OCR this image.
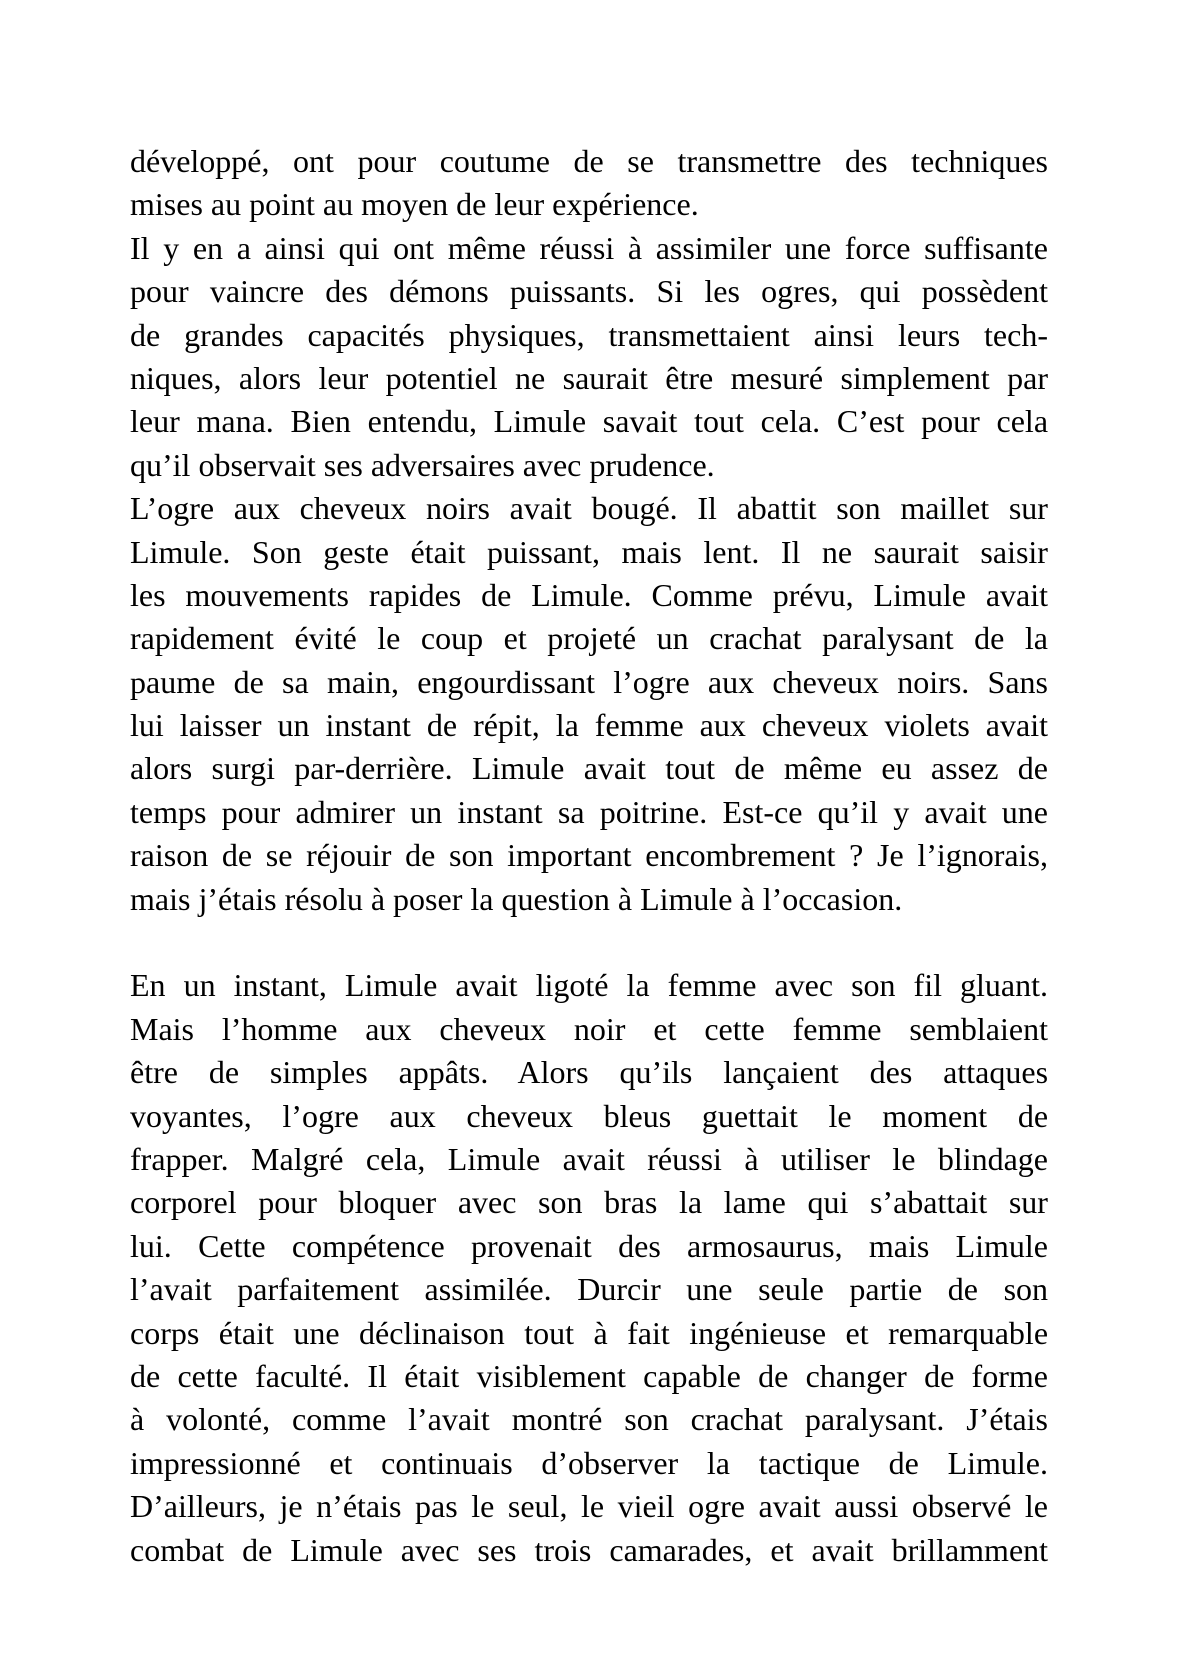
développé, ont pour coutume de se transmettre des techniques
mises au point au moyen de leur expérience.
Il y en a ainsi qui ont même réussi à assimiler une force suffisante
pour vaincre des démons puissants. Si les ogres, qui possèdent
de grandes capacités physiques, transmettaient ainsi leurs tech-
niques, alors leur potentiel ne saurait être mesuré simplement par
leur mana. Bien entendu, Limule savait tout cela. C’est pour cela
qu’il observait ses adversaires avec prudence.
L’ogre aux cheveux noirs avait bougé. Il abattit son maillet sur
Limule. Son geste était puissant, mais lent. Il ne saurait saisir
les mouvements rapides de Limule. Comme prévu, Limule avait
rapidement évité le coup et projeté un crachat paralysant de la
paume de sa main, engourdissant l’ogre aux cheveux noirs. Sans
lui laisser un instant de répit, la femme aux cheveux violets avait
alors surgi par-derrière. Limule avait tout de même eu assez de
temps pour admirer un instant sa poitrine. Est-ce qu’il y avait une
raison de se réjouir de son important encombrement ? Je l’ignorais,
mais j’étais résolu à poser la question à Limule à l’occasion.
En un instant, Limule avait ligoté la femme avec son fil gluant.
Mais l’homme aux cheveux noir et cette femme semblaient
être de simples appâts. Alors qu’ils lançaient des attaques
voyantes, l’ogre aux cheveux bleus guettait le moment de
frapper. Malgré cela, Limule avait réussi à utiliser le blindage
corporel pour bloquer avec son bras la lame qui s’abattait sur
lui. Cette compétence provenait des armosaurus, mais Limule
l’avait parfaitement assimilée. Durcir une seule partie de son
corps était une déclinaison tout à fait ingénieuse et remarquable
de cette faculté. Il était visiblement capable de changer de forme
à volonté, comme l’avait montré son crachat paralysant. J’étais
impressionné et continuais d’observer la tactique de Limule.
D’ailleurs, je n’étais pas le seul, le vieil ogre avait aussi observé le
combat de Limule avec ses trois camarades, et avait brillamment
